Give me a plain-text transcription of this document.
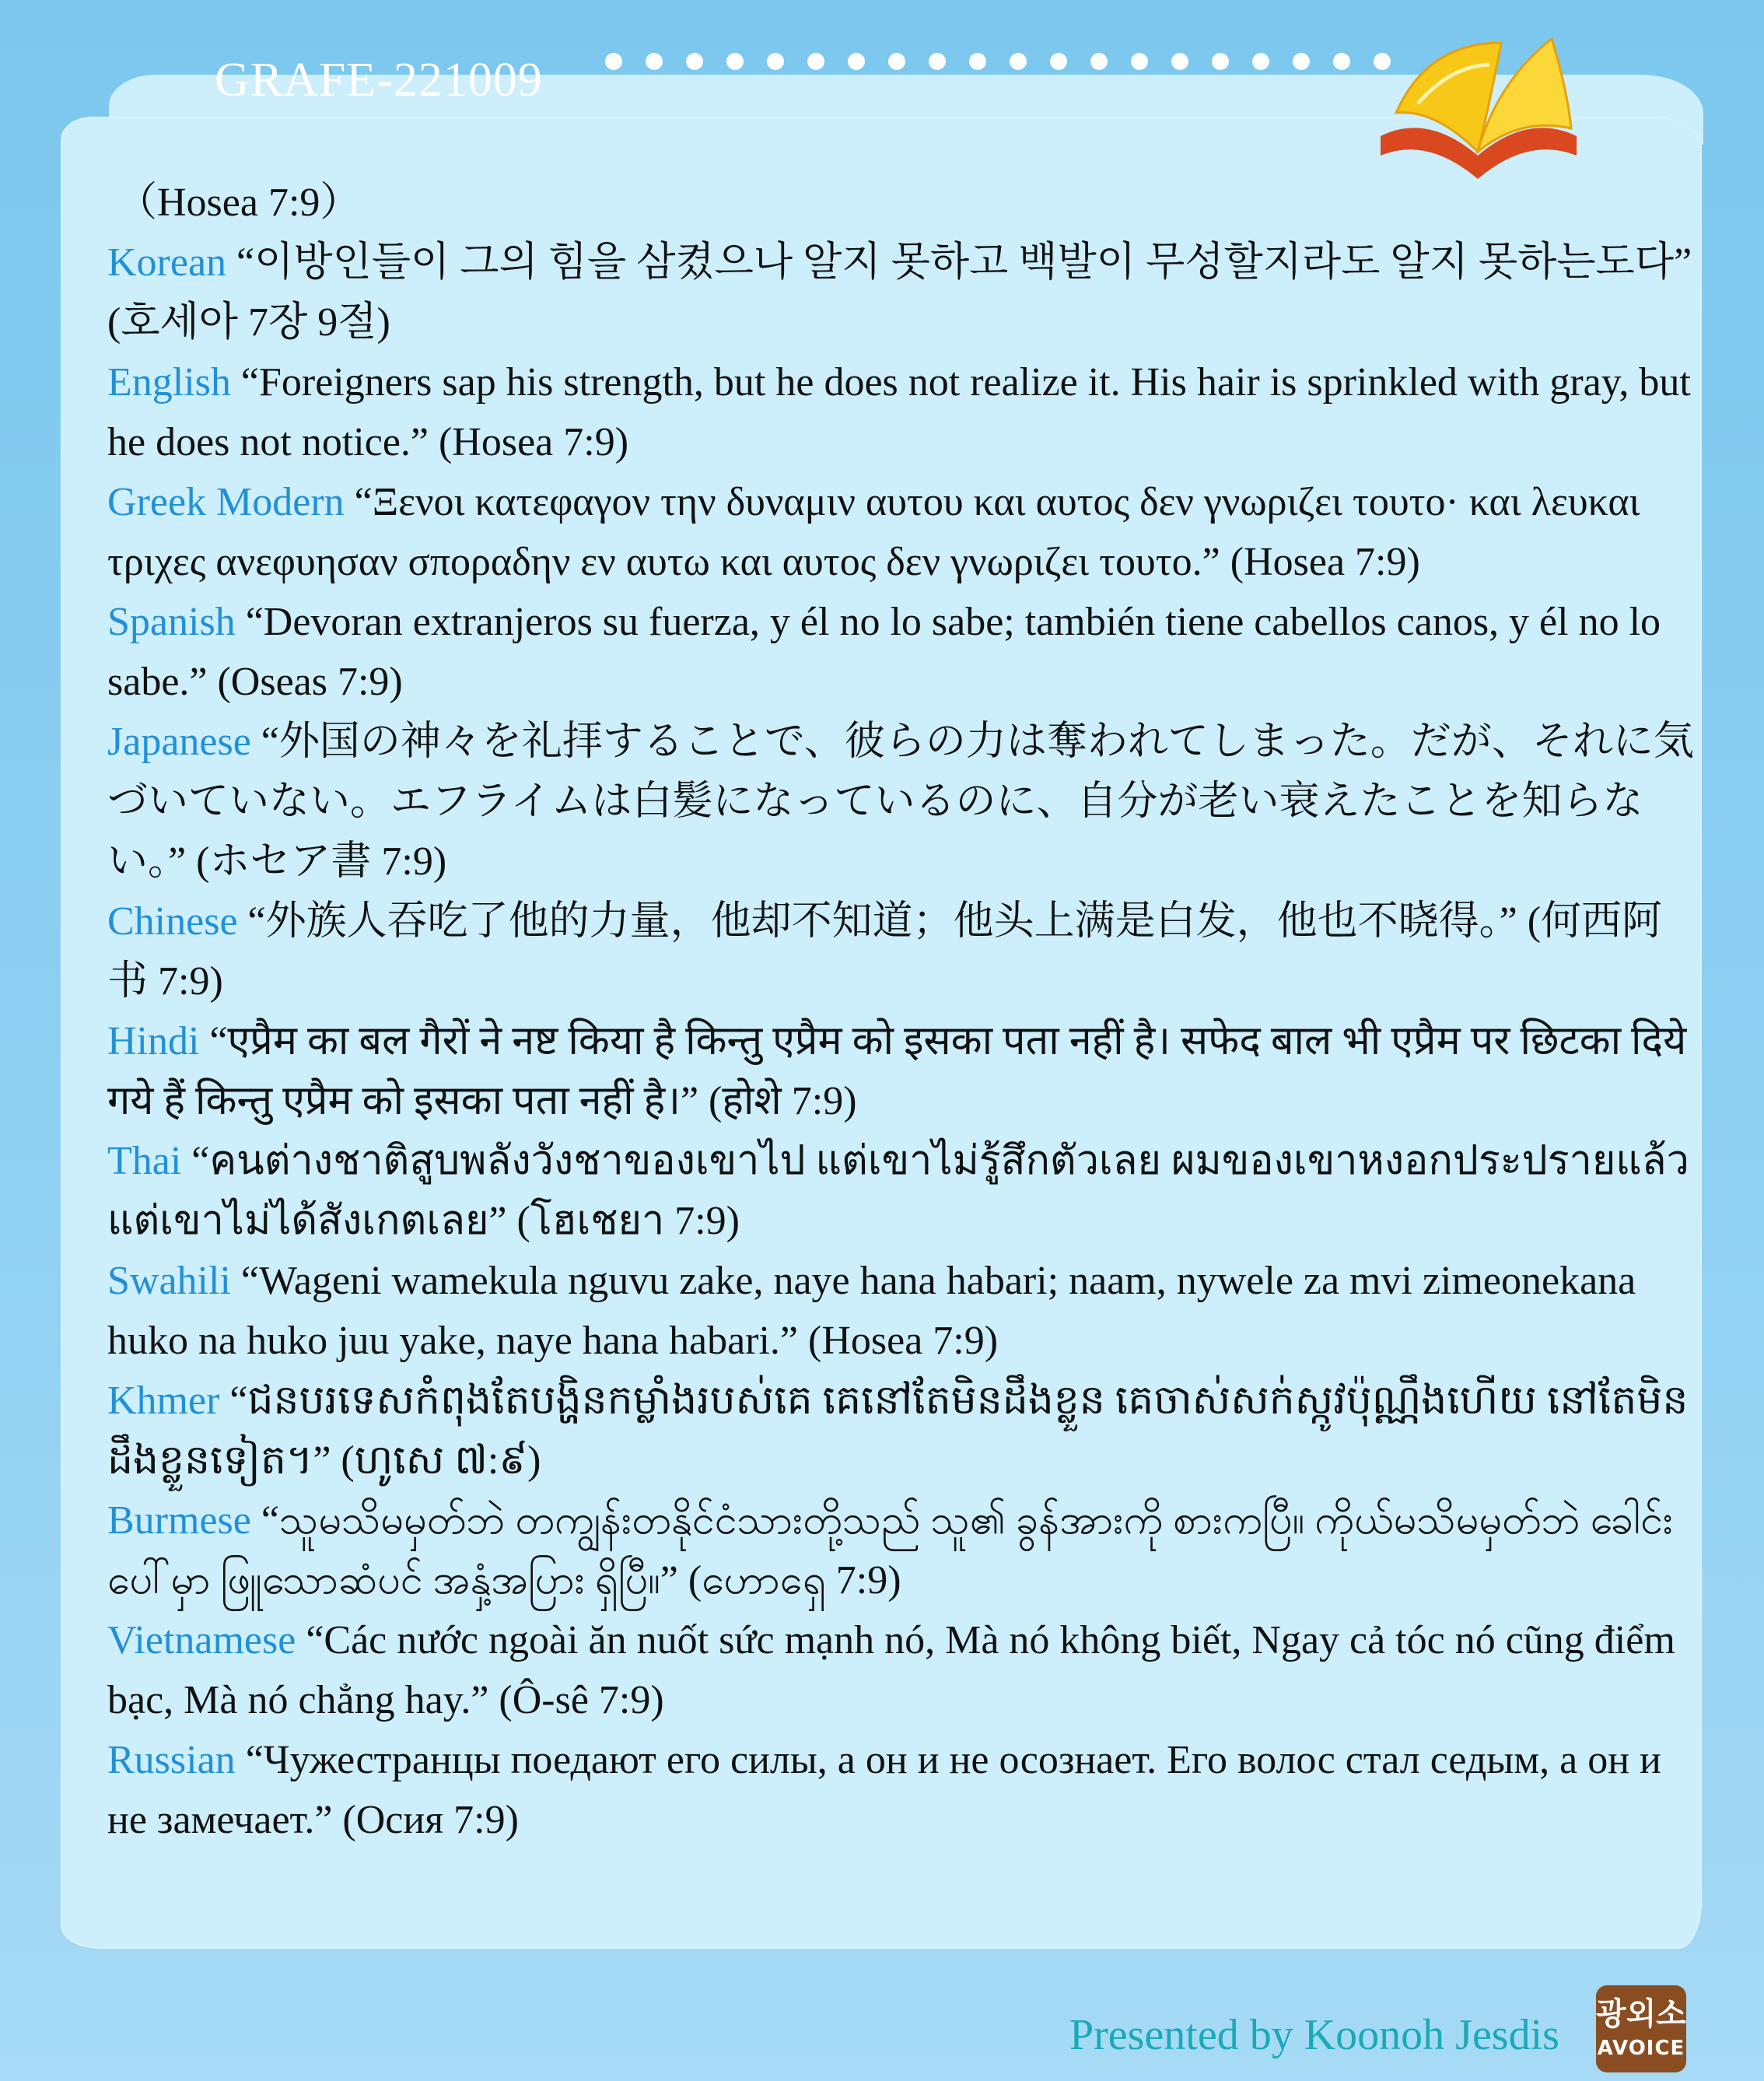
GRAFE-221009

（Hosea 7:9）

Korean “이방인들이 그의 힘을 삼켰으나 알지 못하고 백발이 무성할지라도 알지 못하는도다” (호세아 7장 9절)

English “Foreigners sap his strength, but he does not realize it. His hair is sprinkled with gray, but he does not notice.” (Hosea 7:9)

Greek Modern “Ξενοι κατεφαγον την δυναμιν αυτου και αυτος δεν γνωριζει τουτο· και λευκαι τριχες ανεφυησαν σποραδην εν αυτω και αυτος δεν γνωριζει τουτο.” (Hosea 7:9)

Spanish “Devoran extranjeros su fuerza, y él no lo sabe; también tiene cabellos canos, y él no lo sabe.” (Oseas 7:9)

Japanese “外国の神々を礼拝することで、彼らの力は奪われてしまった。だが、それに気づいていない。エフライムは白髪になっているのに、自分が老い衰えたことを知らない。” (ホセア書 7:9)

Chinese “外族人吞吃了他的力量，他却不知道；他头上满是白发，他也不晓得。” (何西阿书 7:9)

Hindi “एप्रैम का बल गैरों ने नष्ट किया है किन्तु एप्रैम को इसका पता नहीं है। सफेद बाल भी एप्रैम पर छिटका दिये गये हैं किन्तु एप्रैम को इसका पता नहीं है।” (होशे 7:9)

Thai “คนต่างชาติสูบพลังวังชาของเขาไป แต่เขาไม่รู้สึกตัวเลย ผมของเขาหงอกประปรายแล้ว แต่เขาไม่ได้สังเกตเลย” (โฮเชยา 7:9)

Swahili “Wageni wamekula nguvu zake, naye hana habari; naam, nywele za mvi zimeonekana huko na huko juu yake, naye hana habari.” (Hosea 7:9)

Khmer “ជនបរទេសកំពុងតែបង្ហិនកម្លាំងរបស់គេ គេនៅតែមិនដឹងខ្លួន គេចាស់សក់ស្កូវប៉ុណ្ណឹងហើយ នៅតែមិនដឹងខ្លួនទៀត។” (ហូសេ ៧:៩)

Burmese “သူမသိမမှတ်ဘဲ တကျွန်းတနိုင်ငံသားတို့သည် သူ၏ ခွန်အားကို စားကပြီ။ ကိုယ်မသိမမှတ်ဘဲ ခေါင်း ပေါ်မှာ ဖြူသောဆံပင် အနှံ့အပြား ရှိပြီ။” (ဟောရှေ 7:9)

Vietnamese “Các nước ngoài ăn nuốt sức mạnh nó, Mà nó không biết, Ngay cả tóc nó cũng điểm bạc, Mà nó chẳng hay.” (Ô-sê 7:9)

Russian “Чужестранцы поедают его силы, а он и не осознает. Его волос стал седым, а он и не замечает.” (Осия 7:9)

Presented by Koonoh Jesdis 광외소
AVOICE
